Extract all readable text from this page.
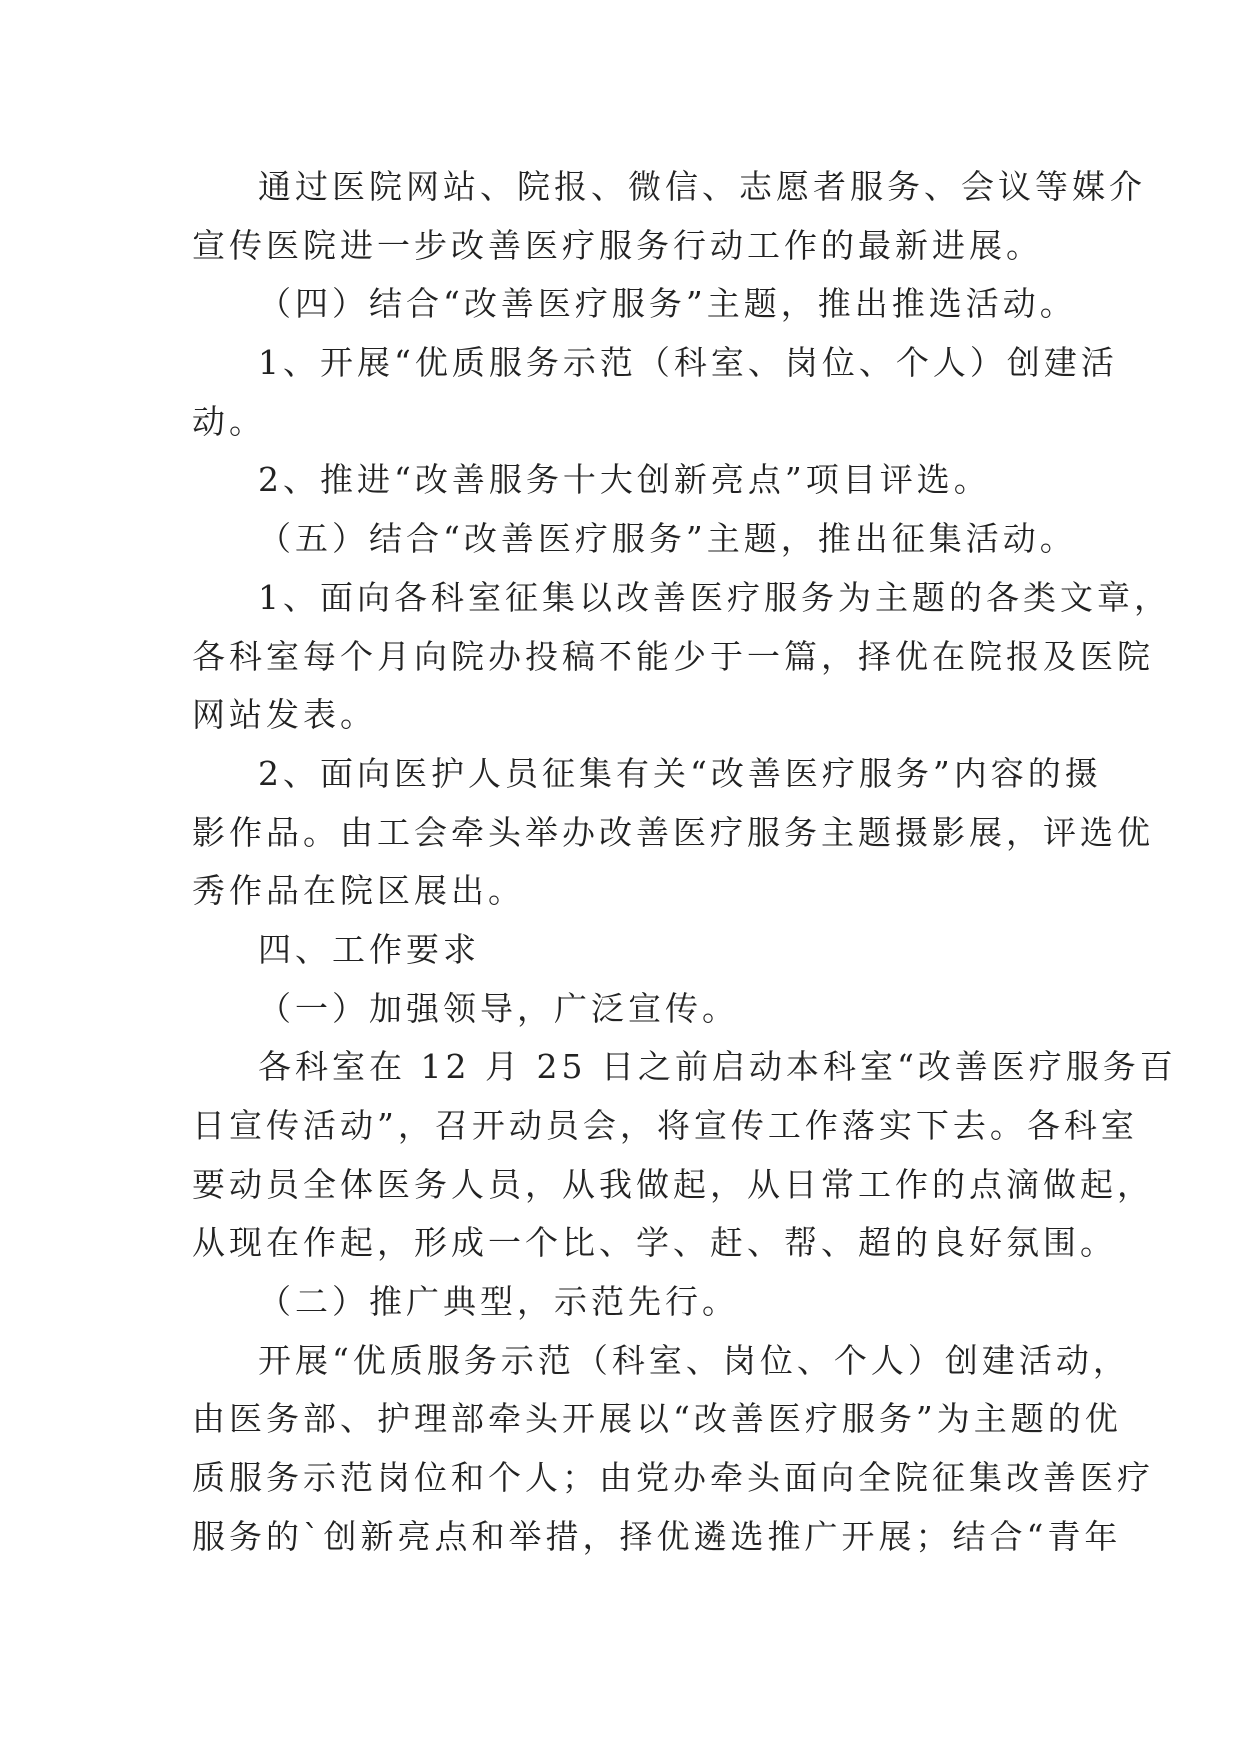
通过医院网站、院报、微信、志愿者服务、会议等媒介
宣传医院进一步改善医疗服务行动工作的最新进展。
（四）结合“改善医疗服务”主题，推出推选活动。
1、开展“优质服务示范（科室、岗位、个人）创建活
动。
2、推进“改善服务十大创新亮点”项目评选。
（五）结合“改善医疗服务”主题，推出征集活动。
1、面向各科室征集以改善医疗服务为主题的各类文章，
各科室每个月向院办投稿不能少于一篇，择优在院报及医院
网站发表。
2、面向医护人员征集有关“改善医疗服务”内容的摄
影作品。由工会牵头举办改善医疗服务主题摄影展，评选优
秀作品在院区展出。
四、工作要求
（一）加强领导，广泛宣传。
各科室在 12 月 25 日之前启动本科室“改善医疗服务百
日宣传活动”，召开动员会，将宣传工作落实下去。各科室
要动员全体医务人员，从我做起，从日常工作的点滴做起，
从现在作起，形成一个比、学、赶、帮、超的良好氛围。
（二）推广典型，示范先行。
开展“优质服务示范（科室、岗位、个人）创建活动，
由医务部、护理部牵头开展以“改善医疗服务”为主题的优
质服务示范岗位和个人；由党办牵头面向全院征集改善医疗
服务的`创新亮点和举措，择优遴选推广开展；结合“青年
